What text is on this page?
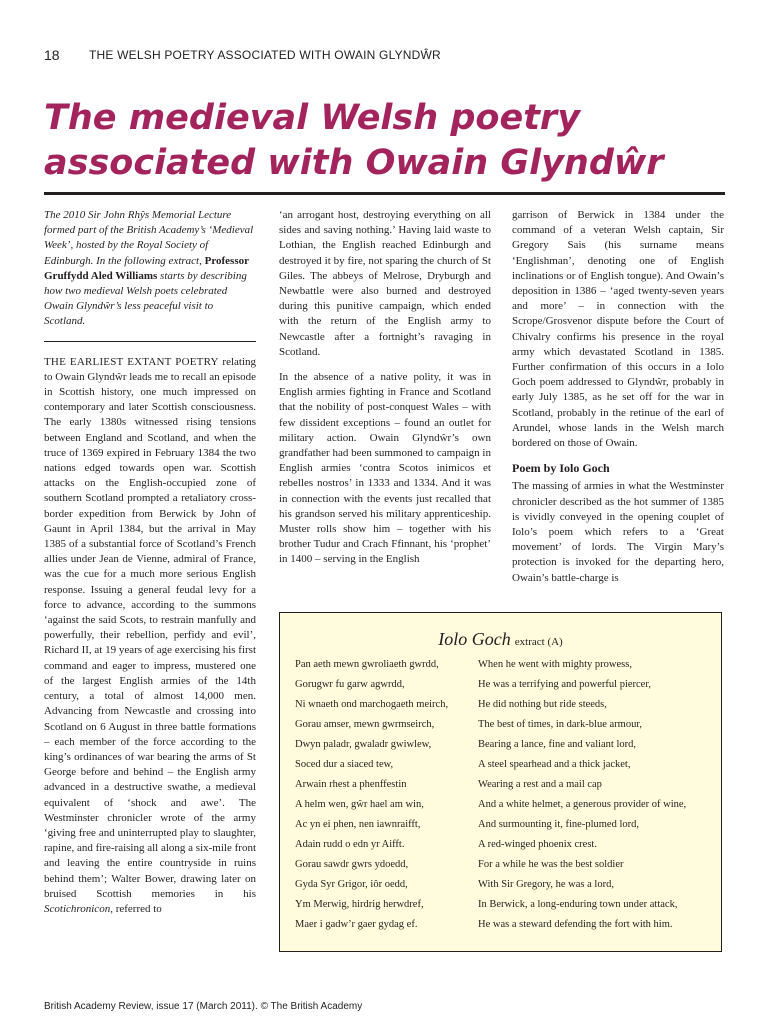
18 THE WELSH POETRY ASSOCIATED WITH OWAIN GLYNDŴR
The medieval Welsh poetry associated with Owain Glyndŵr

The 2010 Sir John Rhŷs Memorial Lecture formed part of the British Academy’s ‘Medieval Week’, hosted by the Royal Society of Edinburgh. In the following extract, Professor Gruffydd Aled Williams starts by describing how two medieval Welsh poets celebrated Owain Glyndŵr’s less peaceful visit to Scotland.

THE EARLIEST EXTANT POETRY relating to Owain Glyndŵr leads me to recall an episode in Scottish history, one much impressed on contemporary and later Scottish consciousness. The early 1380s witnessed rising tensions between England and Scotland, and when the truce of 1369 expired in February 1384 the two nations edged towards open war. Scottish attacks on the English-occupied zone of southern Scotland prompted a retaliatory cross-border expedition from Berwick by John of Gaunt in April 1384, but the arrival in May 1385 of a substantial force of Scotland’s French allies under Jean de Vienne, admiral of France, was the cue for a much more serious English response. Issuing a general feudal levy for a force to advance, according to the summons ‘against the said Scots, to restrain manfully and powerfully, their rebellion, perfidy and evil’, Richard II, at 19 years of age exercising his first command and eager to impress, mustered one of the largest English armies of the 14th century, a total of almost 14,000 men. Advancing from Newcastle and crossing into Scotland on 6 August in three battle formations – each member of the force according to the king’s ordinances of war bearing the arms of St George before and behind – the English army advanced in a destructive swathe, a medieval equivalent of ‘shock and awe’. The Westminster chronicler wrote of the army ‘giving free and uninterrupted play to slaughter, rapine, and fire-raising all along a six-mile front and leaving the entire countryside in ruins behind them’; Walter Bower, drawing later on bruised Scottish memories in his Scotichronicon, referred to

‘an arrogant host, destroying everything on all sides and saving nothing.’ Having laid waste to Lothian, the English reached Edinburgh and destroyed it by fire, not sparing the church of St Giles. The abbeys of Melrose, Dryburgh and Newbattle were also burned and destroyed during this punitive campaign, which ended with the return of the English army to Newcastle after a fortnight’s ravaging in Scotland.

In the absence of a native polity, it was in English armies fighting in France and Scotland that the nobility of post-conquest Wales – with few dissident exceptions – found an outlet for military action. Owain Glyndŵr’s own grandfather had been summoned to campaign in English armies ‘contra Scotos inimicos et rebelles nostros’ in 1333 and 1334. And it was in connection with the events just recalled that his grandson served his military apprenticeship. Muster rolls show him – together with his brother Tudur and Crach Ffinnant, his ‘prophet’ in 1400 – serving in the English

garrison of Berwick in 1384 under the command of a veteran Welsh captain, Sir Gregory Sais (his surname means ‘Englishman’, denoting one of English inclinations or of English tongue). And Owain’s deposition in 1386 – ‘aged twenty-seven years and more’ – in connection with the Scrope/Grosvenor dispute before the Court of Chivalry confirms his presence in the royal army which devastated Scotland in 1385. Further confirmation of this occurs in a Iolo Goch poem addressed to Glyndŵr, probably in early July 1385, as he set off for the war in Scotland, probably in the retinue of the earl of Arundel, whose lands in the Welsh march bordered on those of Owain.

Poem by Iolo Goch

The massing of armies in what the Westminster chronicler described as the hot summer of 1385 is vividly conveyed in the opening couplet of Iolo’s poem which refers to a ‘Great movement’ of lords. The Virgin Mary’s protection is invoked for the departing hero, Owain’s battle-charge is

Iolo Goch extract (A)
Pan aeth mewn gwroliaeth gwrdd,	When he went with mighty prowess,
Gorugwr fu garw agwrdd,	He was a terrifying and powerful piercer,
Ni wnaeth ond marchogaeth meirch,	He did nothing but ride steeds,
Gorau amser, mewn gwrmseirch,	The best of times, in dark-blue armour,
Dwyn paladr, gwaladr gwiwlew,	Bearing a lance, fine and valiant lord,
Soced dur a siaced tew,	A steel spearhead and a thick jacket,
Arwain rhest a phenffestin	Wearing a rest and a mail cap
A helm wen, gŵr hael am win,	And a white helmet, a generous provider of wine,
Ac yn ei phen, nen iawnraifft,	And surmounting it, fine-plumed lord,
Adain rudd o edn yr Aifft.	A red-winged phoenix crest.
Gorau sawdr gwrs ydoedd,	For a while he was the best soldier
Gyda Syr Grigor, iôr oedd,	With Sir Gregory, he was a lord,
Ym Merwig, hirdrig herwdref,	In Berwick, a long-enduring town under attack,
Maer i gadw’r gaer gydag ef.	He was a steward defending the fort with him.
British Academy Review, issue 17 (March 2011). © The British Academy
